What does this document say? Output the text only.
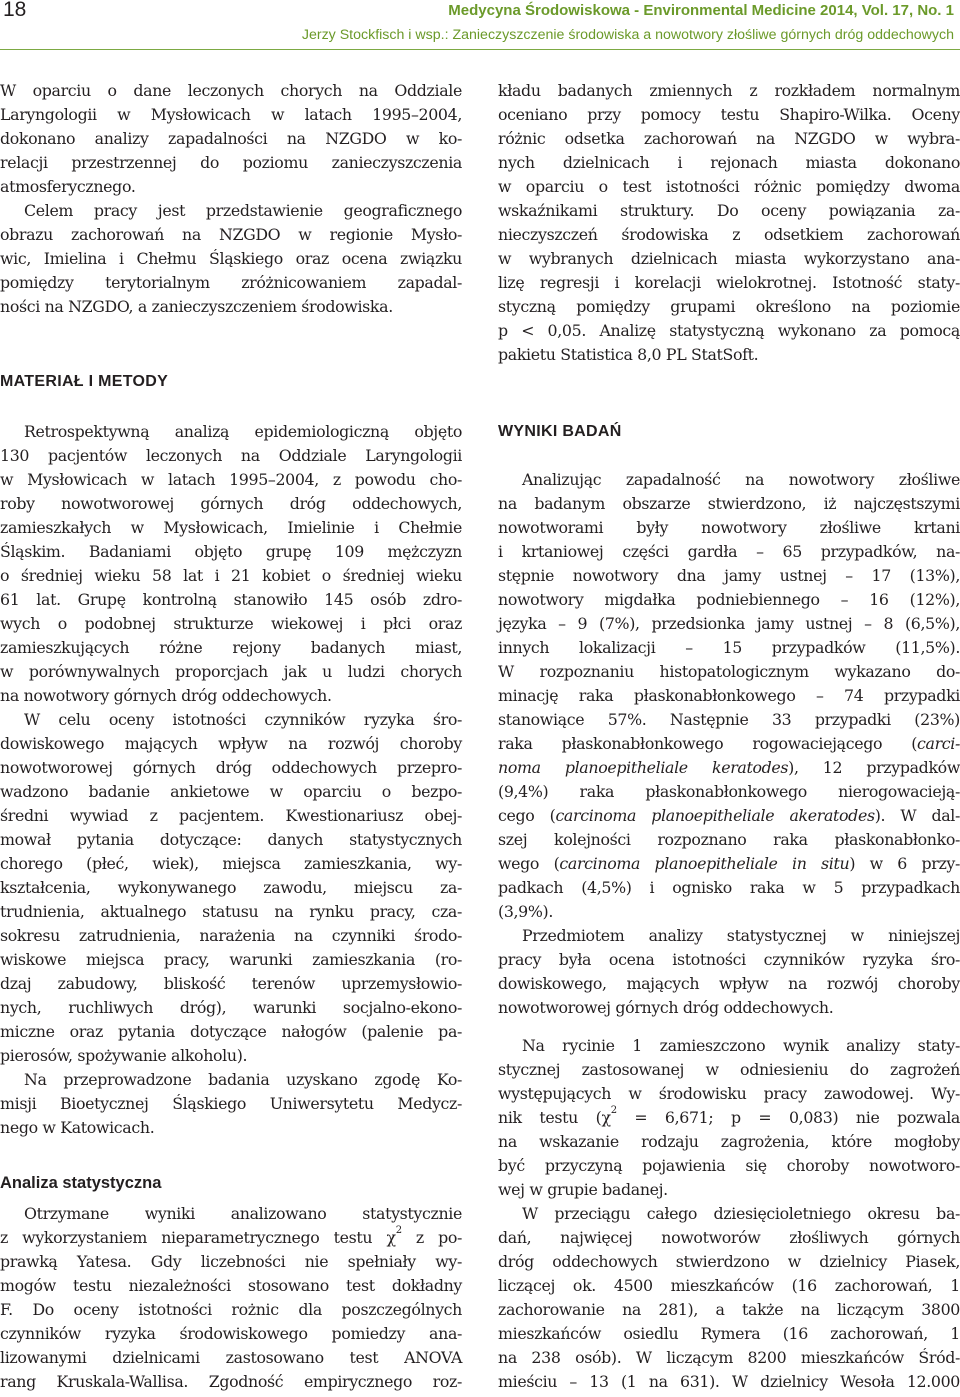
18	Medycyna Środowiskowa - Environmental Medicine 2014, Vol. 17, No. 1
Jerzy Stockfisch i wsp.: Zanieczyszczenie środowiska a nowotwory złośliwe górnych dróg oddechowych
W oparciu o dane leczonych chorych na Oddziale
Laryngologii w Mysłowicach w latach 1995–2004,
dokonano analizy zapadalności na NZGDO w ko-
relacji przestrzennej do poziomu zanieczyszczenia
atmosferycznego.
Celem pracy jest przedstawienie geograficznego
obrazu zachorowań na NZGDO w regionie Mysło-
wic, Imielina i Chełmu Śląskiego oraz ocena związku
pomiędzy terytorialnym zróżnicowaniem zapadal-
ności na NZGDO, a zanieczyszczeniem środowiska.
MATERIAŁ I METODY
Retrospektywną analizą epidemiologiczną objęto
130 pacjentów leczonych na Oddziale Laryngologii
w Mysłowicach w latach 1995–2004, z powodu cho-
roby nowotworowej górnych dróg oddechowych,
zamieszkałych w Mysłowicach, Imielinie i Chełmie
Śląskim. Badaniami objęto grupę 109 mężczyzn
o średniej wieku 58 lat i 21 kobiet o średniej wieku
61 lat. Grupę kontrolną stanowiło 145 osób zdro-
wych o podobnej strukturze wiekowej i płci oraz
zamieszkujących różne rejony badanych miast,
w porównywalnych proporcjach jak u ludzi chorych
na nowotwory górnych dróg oddechowych.
W celu oceny istotności czynników ryzyka śro-
dowiskowego mających wpływ na rozwój choroby
nowotworowej górnych dróg oddechowych przepro-
wadzono badanie ankietowe w oparciu o bezpo-
średni wywiad z pacjentem. Kwestionariusz obej-
mował pytania dotyczące: danych statystycznych
chorego (płeć, wiek), miejsca zamieszkania, wy-
kształcenia, wykonywanego zawodu, miejscu za-
trudnienia, aktualnego statusu na rynku pracy, cza-
sokresu zatrudnienia, narażenia na czynniki środo-
wiskowe miejsca pracy, warunki zamieszkania (ro-
dzaj zabudowy, bliskość terenów uprzemysłowio-
nych, ruchliwych dróg), warunki socjalno-ekono-
miczne oraz pytania dotyczące nałogów (palenie pa-
pierosów, spożywanie alkoholu).
Na przeprowadzone badania uzyskano zgodę Ko-
misji Bioetycznej Śląskiego Uniwersytetu Medycz-
nego w Katowicach.
Analiza statystyczna
Otrzymane wyniki analizowano statystycznie
z wykorzystaniem nieparametrycznego testu $\chi^2$ z po-
prawką Yatesa. Gdy liczebności nie spełniały wy-
mogów testu niezależności stosowano test dokładny
F. Do oceny istotności rożnic dla poszczególnych
czynników ryzyka środowiskowego pomiedzy ana-
lizowanymi dzielnicami zastosowano test ANOVA
rang Kruskala-Wallisa. Zgodność empirycznego roz-
kładu badanych zmiennych z rozkładem normalnym
oceniano przy pomocy testu Shapiro-Wilka. Oceny
różnic odsetka zachorowań na NZGDO w wybra-
nych dzielnicach i rejonach miasta dokonano
w oparciu o test istotności różnic pomiędzy dwoma
wskaźnikami struktury. Do oceny powiązania za-
nieczyszczeń środowiska z odsetkiem zachorowań
w wybranych dzielnicach miasta wykorzystano ana-
lizę regresji i korelacji wielokrotnej. Istotność staty-
styczną pomiędzy grupami określono na poziomie
p < 0,05. Analizę statystyczną wykonano za pomocą
pakietu Statistica 8,0 PL StatSoft.
WYNIKI BADAŃ
Analizując zapadalność na nowotwory złośliwe
na badanym obszarze stwierdzono, iż najczęstszymi
nowotworami były nowotwory złośliwe krtani
i krtaniowej części gardła – 65 przypadków, na-
stępnie nowotwory dna jamy ustnej – 17 (13%),
nowotwory migdałka podniebiennego – 16 (12%),
języka – 9 (7%), przedsionka jamy ustnej – 8 (6,5%),
innych lokalizacji – 15 przypadków (11,5%).
W rozpoznaniu histopatologicznym wykazano do-
minację raka płaskonabłonkowego – 74 przypadki
stanowiące 57%. Następnie 33 przypadki (23%)
raka płaskonabłonkowego rogowaciejącego (carci-
noma planoepitheliale keratodes), 12 przypadków
(9,4%) raka płaskonabłonkowego nierogowacieją-
cego (carcinoma planoepitheliale akeratodes). W dal-
szej kolejności rozpoznano raka płaskonabłonko-
wego (carcinoma planoepitheliale in situ) w 6 przy-
padkach (4,5%) i ognisko raka w 5 przypadkach
(3,9%).
Przedmiotem analizy statystycznej w niniejszej
pracy była ocena istotności czynników ryzyka śro-
dowiskowego, mających wpływ na rozwój choroby
nowotworowej górnych dróg oddechowych.
Na rycinie 1 zamieszczono wynik analizy staty-
stycznej zastosowanej w odniesieniu do zagrożeń
występujących w środowisku pracy zawodowej. Wy-
nik testu ($\chi^2 = 6,671$; p = 0,083) nie pozwala
na wskazanie rodzaju zagrożenia, które mogłoby
być przyczyną pojawienia się choroby nowotworo-
wej w grupie badanej.
W przeciągu całego dziesięcioletniego okresu ba-
dań, najwięcej nowotworów złośliwych górnych
dróg oddechowych stwierdzono w dzielnicy Piasek,
liczącej ok. 4500 mieszkańców (16 zachorowań, 1
zachorowanie na 281), a także na liczącym 3800
mieszkańców osiedlu Rymera (16 zachorowań, 1
na 238 osób). W liczącym 8200 mieszkańców Śród-
mieściu – 13 (1 na 631). W dzielnicy Wesoła 12.000
